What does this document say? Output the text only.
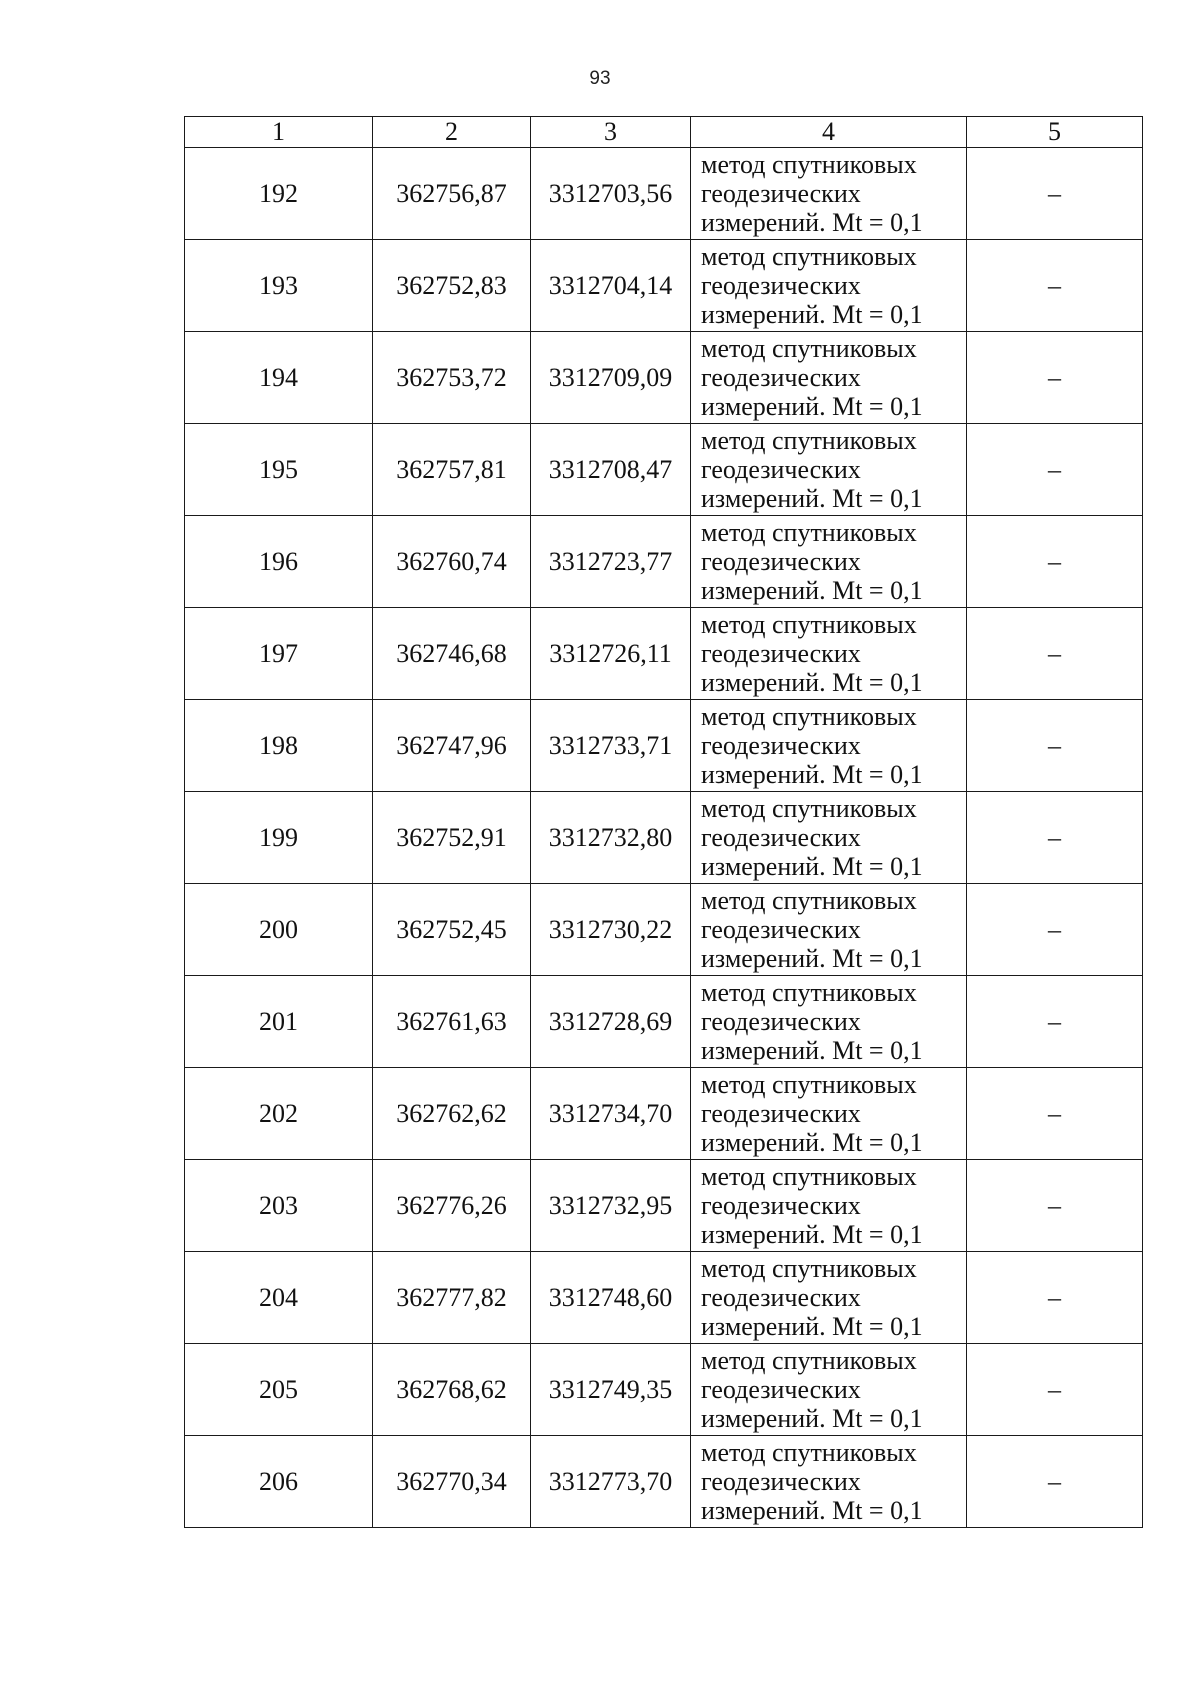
93
1	2	3	4	5
192	362756,87	3312703,56	метод спутниковых
геодезических
измерений. Mt = 0,1	–
193	362752,83	3312704,14	метод спутниковых
геодезических
измерений. Mt = 0,1	–
194	362753,72	3312709,09	метод спутниковых
геодезических
измерений. Mt = 0,1	–
195	362757,81	3312708,47	метод спутниковых
геодезических
измерений. Mt = 0,1	–
196	362760,74	3312723,77	метод спутниковых
геодезических
измерений. Mt = 0,1	–
197	362746,68	3312726,11	метод спутниковых
геодезических
измерений. Mt = 0,1	–
198	362747,96	3312733,71	метод спутниковых
геодезических
измерений. Mt = 0,1	–
199	362752,91	3312732,80	метод спутниковых
геодезических
измерений. Mt = 0,1	–
200	362752,45	3312730,22	метод спутниковых
геодезических
измерений. Mt = 0,1	–
201	362761,63	3312728,69	метод спутниковых
геодезических
измерений. Mt = 0,1	–
202	362762,62	3312734,70	метод спутниковых
геодезических
измерений. Mt = 0,1	–
203	362776,26	3312732,95	метод спутниковых
геодезических
измерений. Mt = 0,1	–
204	362777,82	3312748,60	метод спутниковых
геодезических
измерений. Mt = 0,1	–
205	362768,62	3312749,35	метод спутниковых
геодезических
измерений. Mt = 0,1	–
206	362770,34	3312773,70	метод спутниковых
геодезических
измерений. Mt = 0,1	–
